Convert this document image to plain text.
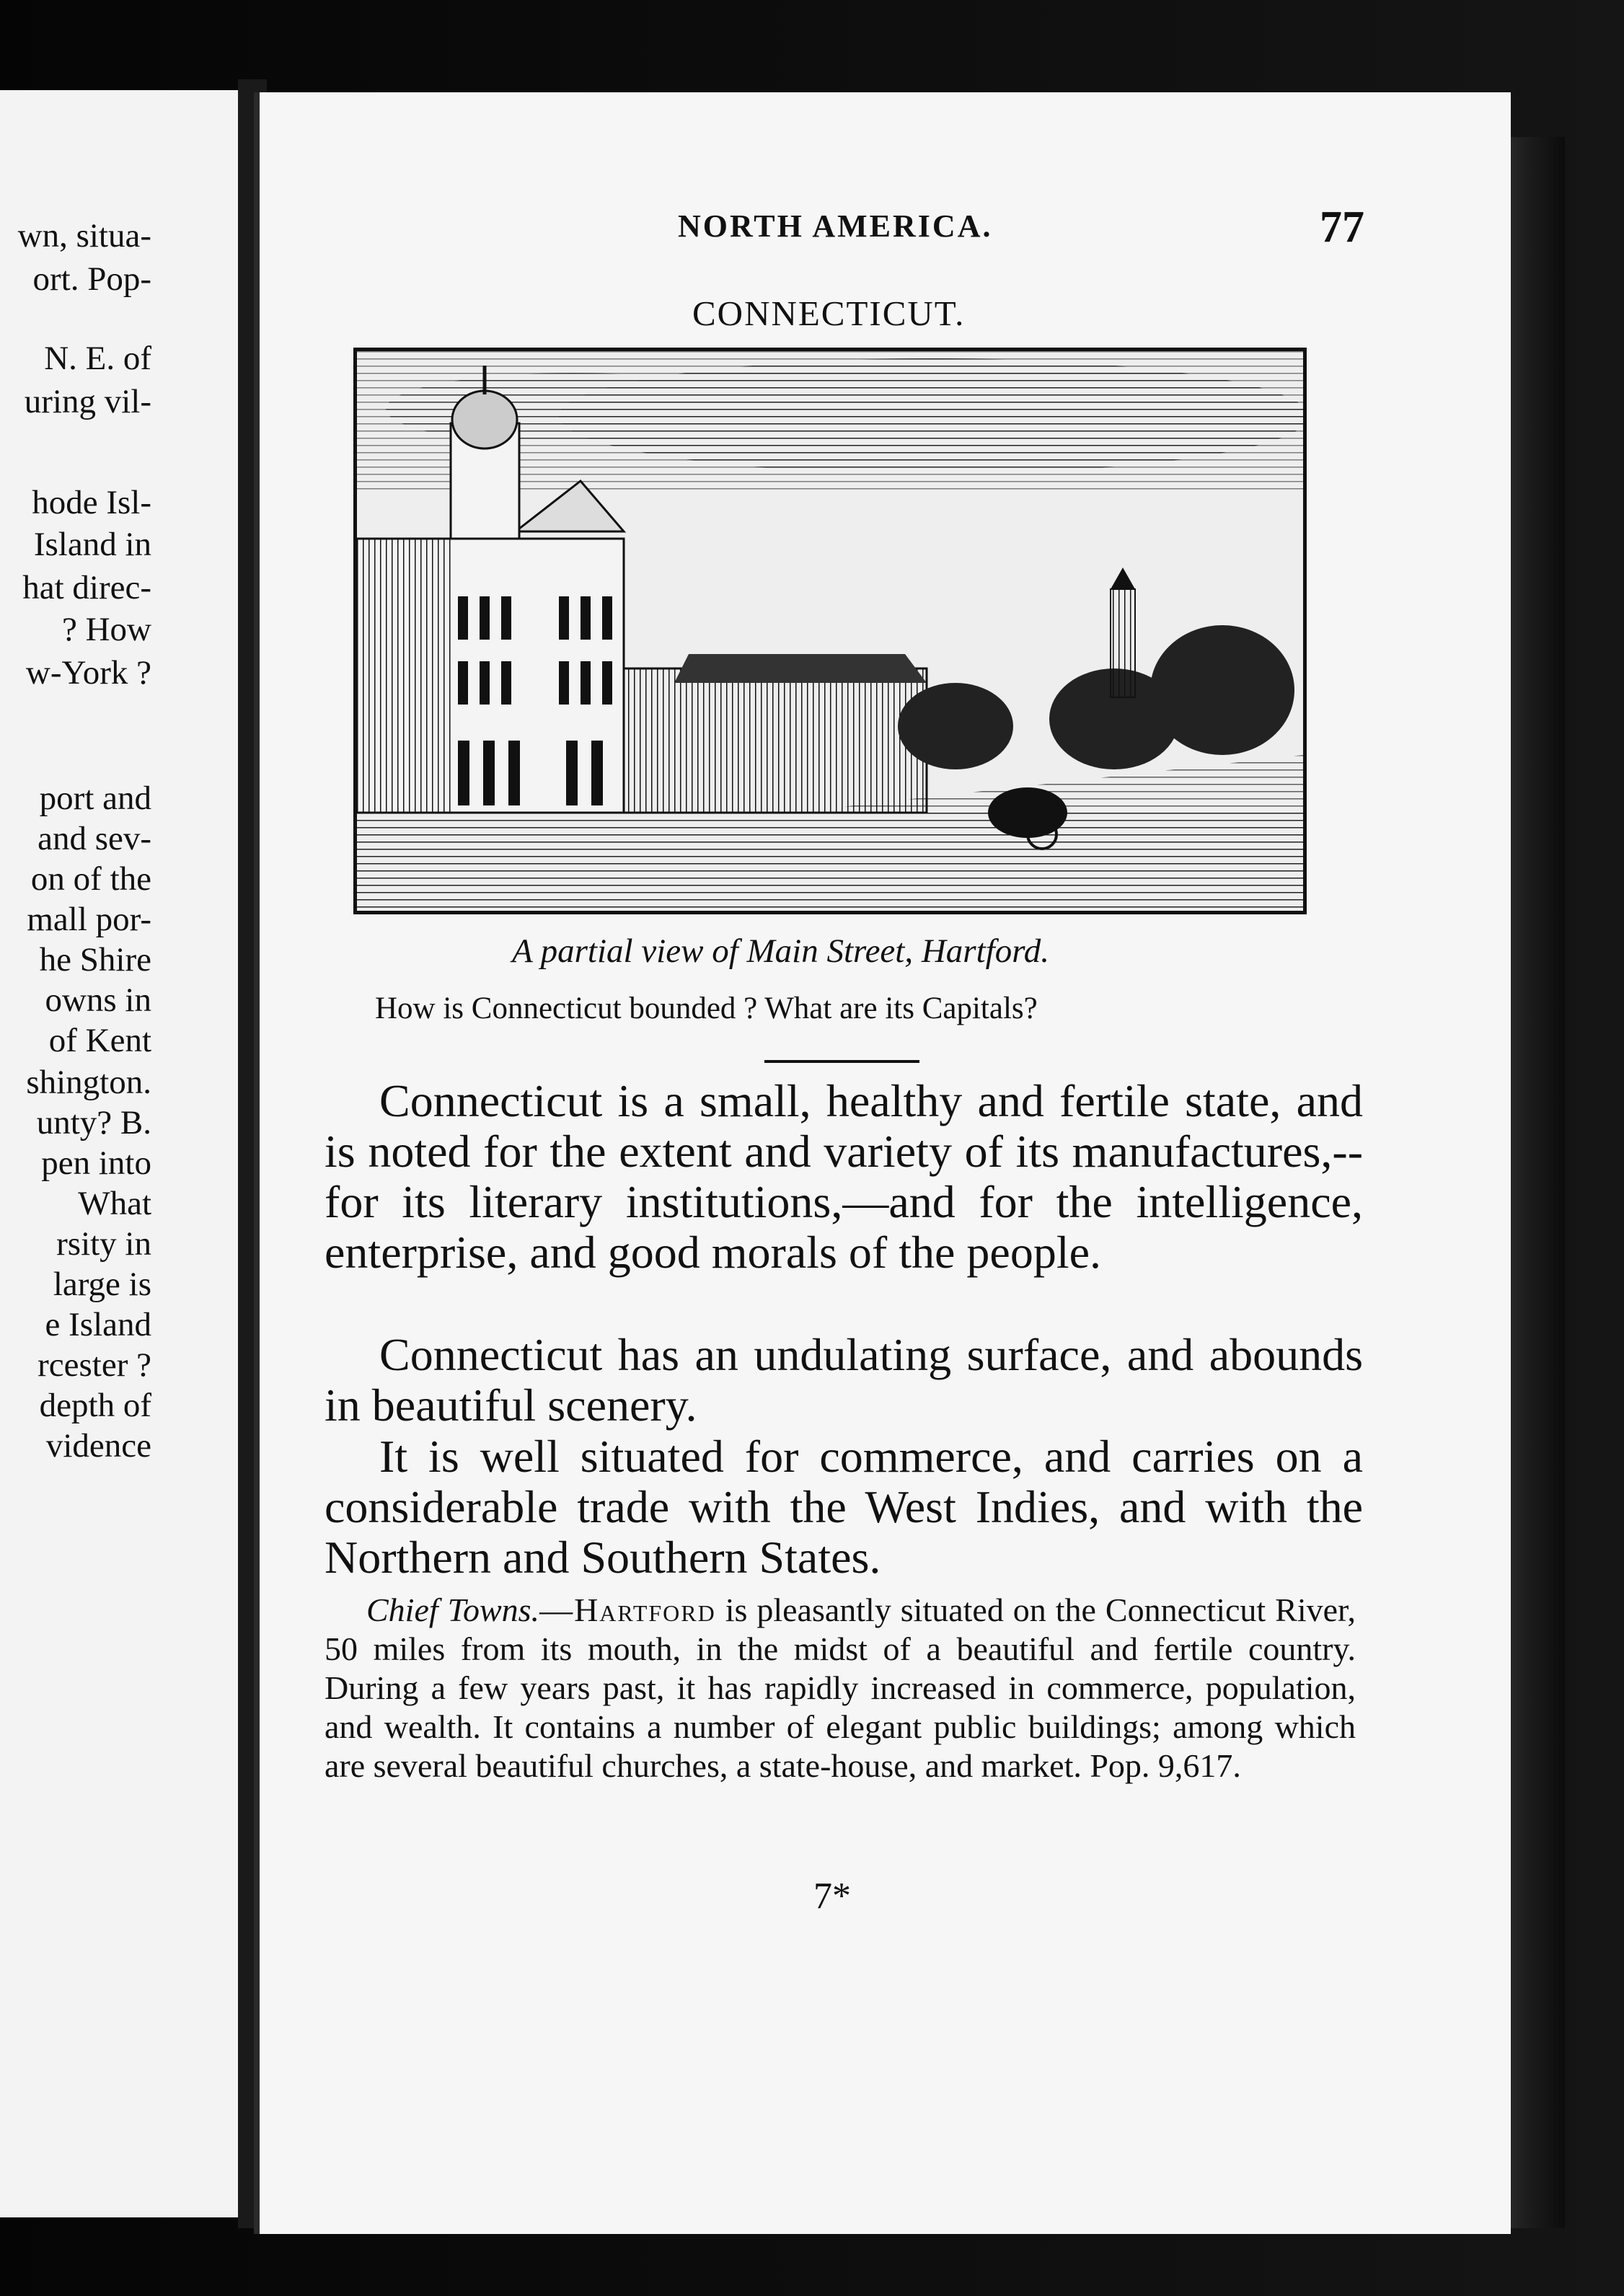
wn, situa-
ort. Pop-
N. E. of
uring vil-
hode Isl-
Island in
hat direc-
? How
w-York ?
port and
and sev-
on of the
mall por-
he Shire
owns in
of Kent
shington.
unty? B.
pen into
What
rsity in
large is
e Island
rcester ?
depth of
vidence
NORTH AMERICA.	77
CONNECTICUT.
A partial view of Main Street, Hartford.
How is Connecticut bounded ? What are its Capitals?
Connecticut is a small, healthy and fertile state, and is noted for the extent and variety of its manufactures,--for its literary institutions,—and for the intelligence, enterprise, and good morals of the people.
Connecticut has an undulating surface, and abounds in beautiful scenery.
It is well situated for commerce, and carries on a considerable trade with the West Indies, and with the Northern and Southern States.
Chief Towns.—Hartford is pleasantly situated on the Connecticut River, 50 miles from its mouth, in the midst of a beautiful and fertile country. During a few years past, it has rapidly increased in commerce, population, and wealth. It contains a number of elegant public buildings; among which are several beautiful churches, a state-house, and market. Pop. 9,617.
7*
